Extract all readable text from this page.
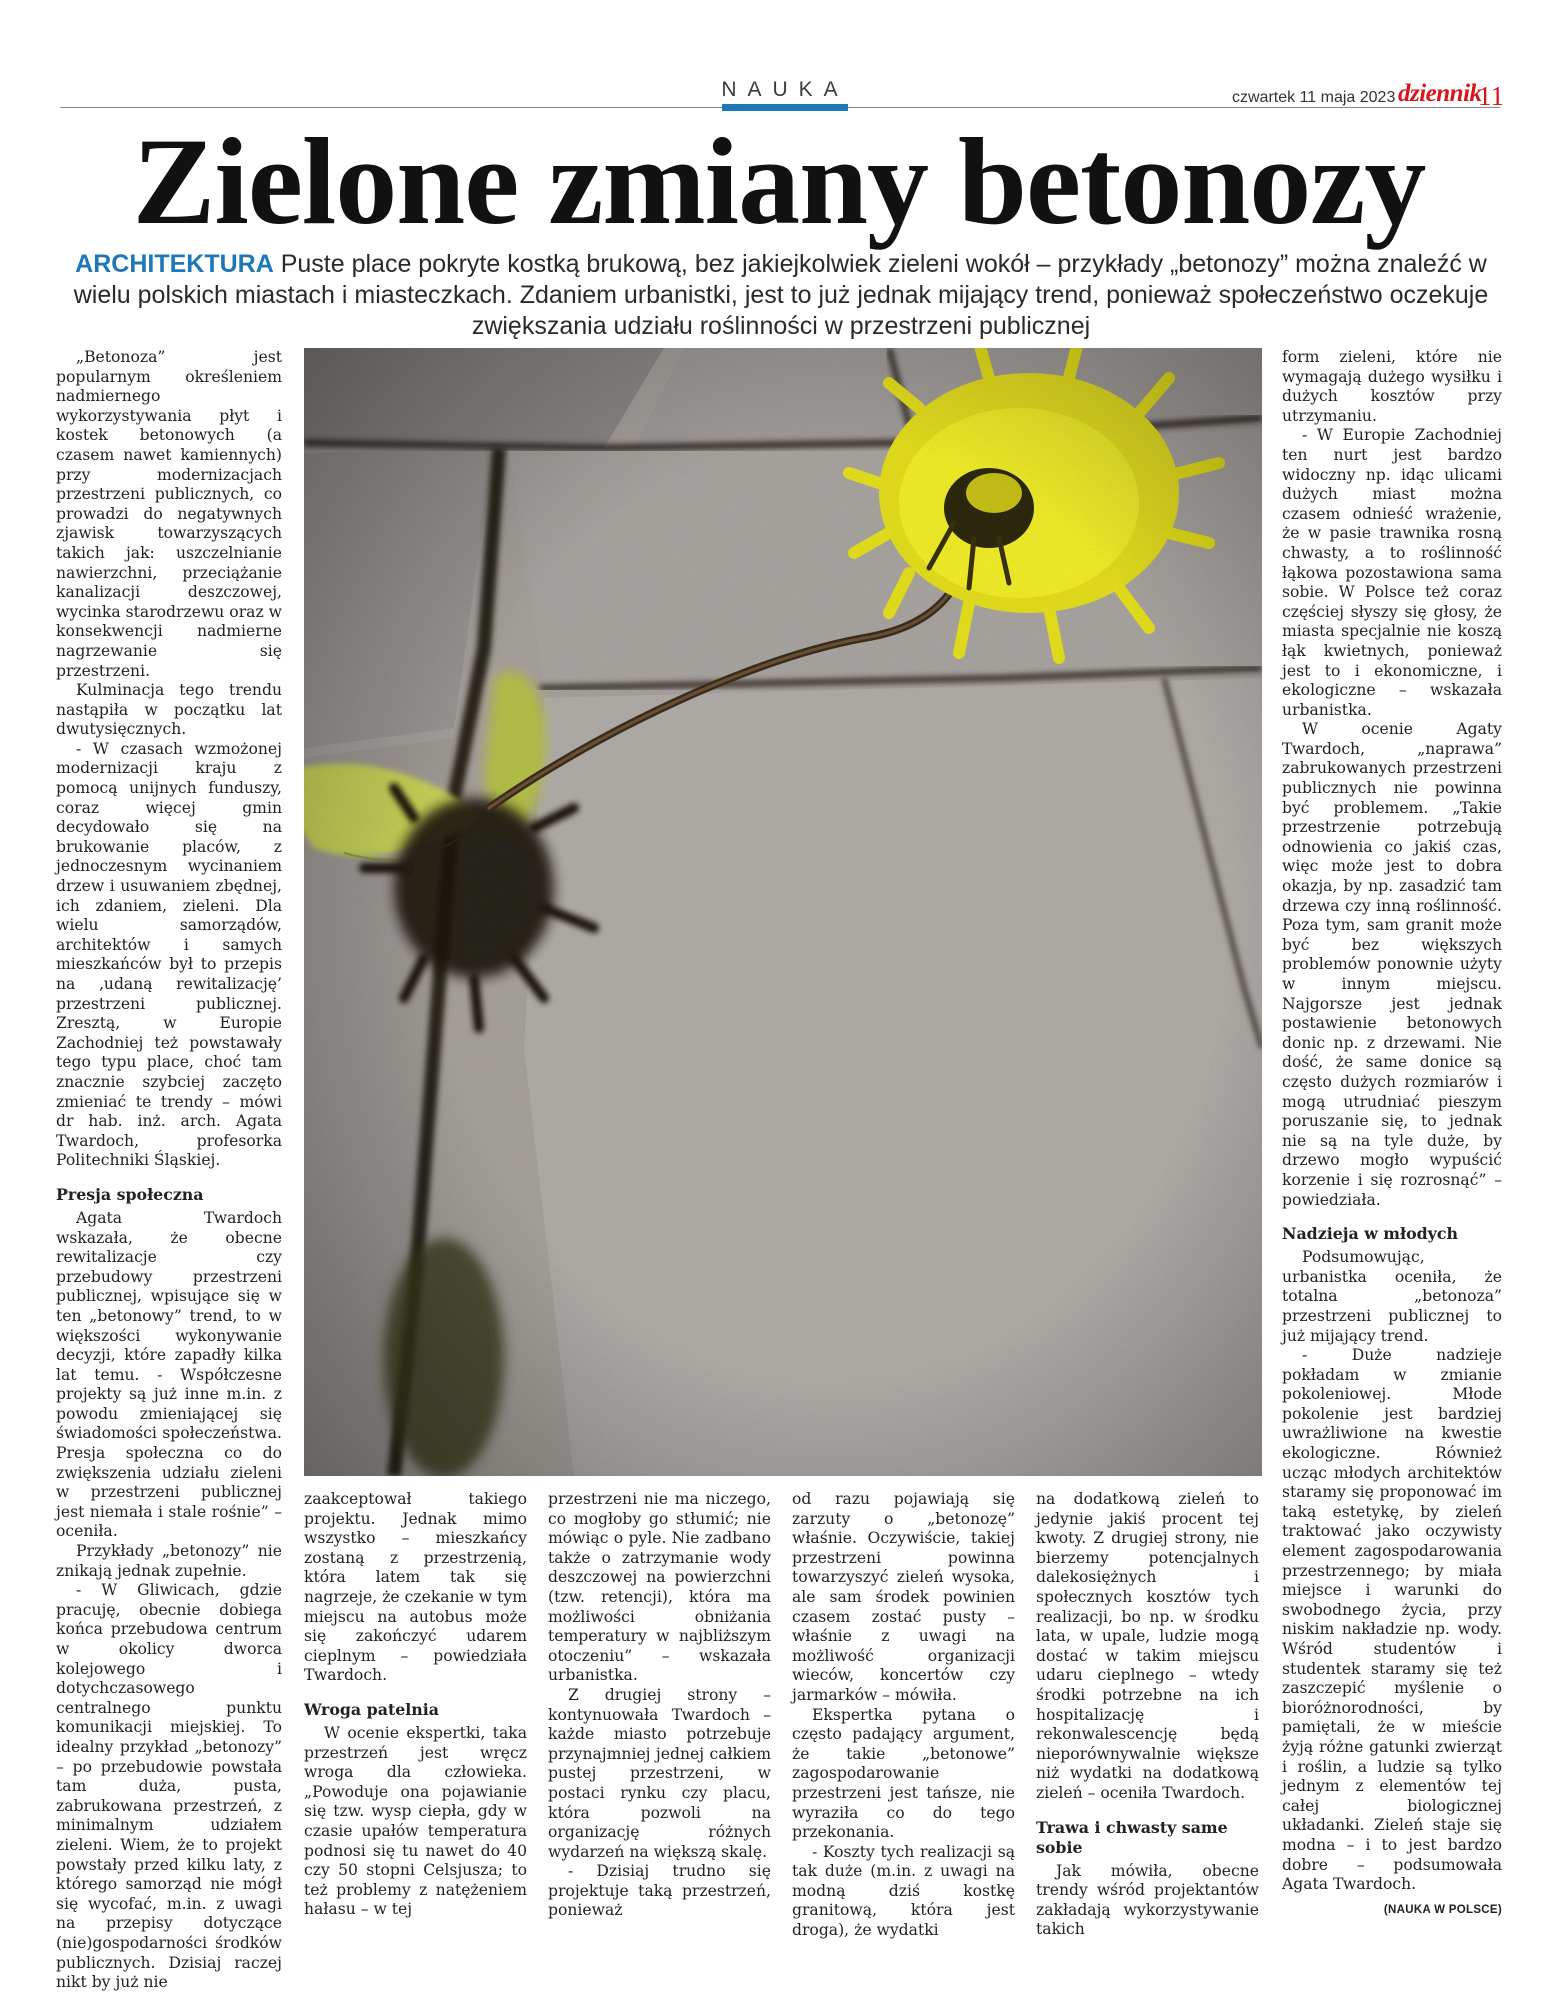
NAUKA	czwartek 11 maja 2023 dziennik
11
Zielone zmiany betonozy
ARCHITEKTURA Puste place pokryte kostką brukową, bez jakiejkolwiek zieleni wokół – przykłady „betonozy” można znaleźć w wielu polskich miastach i miasteczkach. Zdaniem urbanistki, jest to już jednak mijający trend, ponieważ społeczeństwo oczekuje zwiększania udziału roślinności w przestrzeni publicznej

„Betonoza” jest popularnym określeniem nadmiernego wykorzystywania płyt i kostek betonowych (a czasem nawet kamiennych) przy modernizacjach przestrzeni publicznych, co prowadzi do negatywnych zjawisk towarzyszących takich jak: uszczelnianie nawierzchni, przeciążanie kanalizacji deszczowej, wycinka starodrzewu oraz w konsekwencji nadmierne nagrzewanie się przestrzeni.

Kulminacja tego trendu nastąpiła w początku lat dwutysięcznych.

- W czasach wzmożonej modernizacji kraju z pomocą unijnych funduszy, coraz więcej gmin decydowało się na brukowanie placów, z jednoczesnym wycinaniem drzew i usuwaniem zbędnej, ich zdaniem, zieleni. Dla wielu samorządów, architektów i samych mieszkańców był to przepis na ‚udaną rewitalizację’ przestrzeni publicznej. Zresztą, w Europie Zachodniej też powstawały tego typu place, choć tam znacznie szybciej zaczęto zmieniać te trendy – mówi dr hab. inż. arch. Agata Twardoch, profesorka Politechniki Śląskiej.

Presja społeczna

Agata Twardoch wskazała, że obecne rewitalizacje czy przebudowy przestrzeni publicznej, wpisujące się w ten „betonowy” trend, to w większości wykonywanie decyzji, które zapadły kilka lat temu. - Współczesne projekty są już inne m.in. z powodu zmieniającej się świadomości społeczeństwa. Presja społeczna co do zwiększenia udziału zieleni w przestrzeni publicznej jest niemała i stale rośnie” – oceniła.

Przykłady „betonozy” nie znikają jednak zupełnie.

- W Gliwicach, gdzie pracuję, obecnie dobiega końca przebudowa centrum w okolicy dworca kolejowego i dotychczasowego centralnego punktu komunikacji miejskiej. To idealny przykład „betonozy” – po przebudowie powstała tam duża, pusta, zabrukowana przestrzeń, z minimalnym udziałem zieleni. Wiem, że to projekt powstały przed kilku laty, z którego samorząd nie mógł się wycofać, m.in. z uwagi na przepisy dotyczące (nie)gospodarności środków publicznych. Dzisiaj raczej nikt by już nie

zaakceptował takiego projektu. Jednak mimo wszystko – mieszkańcy zostaną z przestrzenią, która latem tak się nagrzeje, że czekanie w tym miejscu na autobus może się zakończyć udarem cieplnym – powiedziała Twardoch.

Wroga patelnia

W ocenie ekspertki, taka przestrzeń jest wręcz wroga dla człowieka. „Powoduje ona pojawianie się tzw. wysp ciepła, gdy w czasie upałów temperatura podnosi się tu nawet do 40 czy 50 stopni Celsjusza; to też problemy z natężeniem hałasu – w tej

przestrzeni nie ma niczego, co mogłoby go stłumić; nie mówiąc o pyle. Nie zadbano także o zatrzymanie wody deszczowej na powierzchni (tzw. retencji), która ma możliwości obniżania temperatury w najbliższym otoczeniu” – wskazała urbanistka.

Z drugiej strony – kontynuowała Twardoch – każde miasto potrzebuje przynajmniej jednej całkiem pustej przestrzeni, w postaci rynku czy placu, która pozwoli na organizację różnych wydarzeń na większą skalę.

- Dzisiaj trudno się projektuje taką przestrzeń, ponieważ

od razu pojawiają się zarzuty o „betonozę” właśnie. Oczywiście, takiej przestrzeni powinna towarzyszyć zieleń wysoka, ale sam środek powinien czasem zostać pusty – właśnie z uwagi na możliwość organizacji wieców, koncertów czy jarmarków – mówiła.

Ekspertka pytana o często padający argument, że takie „betonowe” zagospodarowanie przestrzeni jest tańsze, nie wyraziła co do tego przekonania.

- Koszty tych realizacji są tak duże (m.in. z uwagi na modną dziś kostkę granitową, która jest droga), że wydatki

na dodatkową zieleń to jedynie jakiś procent tej kwoty. Z drugiej strony, nie bierzemy potencjalnych dalekosiężnych i społecznych kosztów tych realizacji, bo np. w środku lata, w upale, ludzie mogą dostać w takim miejscu udaru cieplnego – wtedy środki potrzebne na ich hospitalizację i rekonwalescencję będą nieporównywalnie większe niż wydatki na dodatkową zieleń – oceniła Twardoch.

Trawa i chwasty same sobie

Jak mówiła, obecne trendy wśród projektantów zakładają wykorzystywanie takich

form zieleni, które nie wymagają dużego wysiłku i dużych kosztów przy utrzymaniu.

- W Europie Zachodniej ten nurt jest bardzo widoczny np. idąc ulicami dużych miast można czasem odnieść wrażenie, że w pasie trawnika rosną chwasty, a to roślinność łąkowa pozostawiona sama sobie. W Polsce też coraz częściej słyszy się głosy, że miasta specjalnie nie koszą łąk kwietnych, ponieważ jest to i ekonomiczne, i ekologiczne – wskazała urbanistka.

W ocenie Agaty Twardoch, „naprawa” zabrukowanych przestrzeni publicznych nie powinna być problemem. „Takie przestrzenie potrzebują odnowienia co jakiś czas, więc może jest to dobra okazja, by np. zasadzić tam drzewa czy inną roślinność. Poza tym, sam granit może być bez większych problemów ponownie użyty w innym miejscu. Najgorsze jest jednak postawienie betonowych donic np. z drzewami. Nie dość, że same donice są często dużych rozmiarów i mogą utrudniać pieszym poruszanie się, to jednak nie są na tyle duże, by drzewo mogło wypuścić korzenie i się rozrosnąć” – powiedziała.

Nadzieja w młodych

Podsumowując, urbanistka oceniła, że totalna „betonoza” przestrzeni publicznej to już mijający trend.

- Duże nadzieje pokładam w zmianie pokoleniowej. Młode pokolenie jest bardziej uwrażliwione na kwestie ekologiczne. Również ucząc młodych architektów staramy się proponować im taką estetykę, by zieleń traktować jako oczywisty element zagospodarowania przestrzennego; by miała miejsce i warunki do swobodnego życia, przy niskim nakładzie np. wody. Wśród studentów i studentek staramy się też zaszczepić myślenie o bioróżnorodności, by pamiętali, że w mieście żyją różne gatunki zwierząt i roślin, a ludzie są tylko jednym z elementów tej całej biologicznej układanki. Zieleń staje się modna – i to jest bardzo dobre – podsumowała Agata Twardoch.

(NAUKA W POLSCE)
